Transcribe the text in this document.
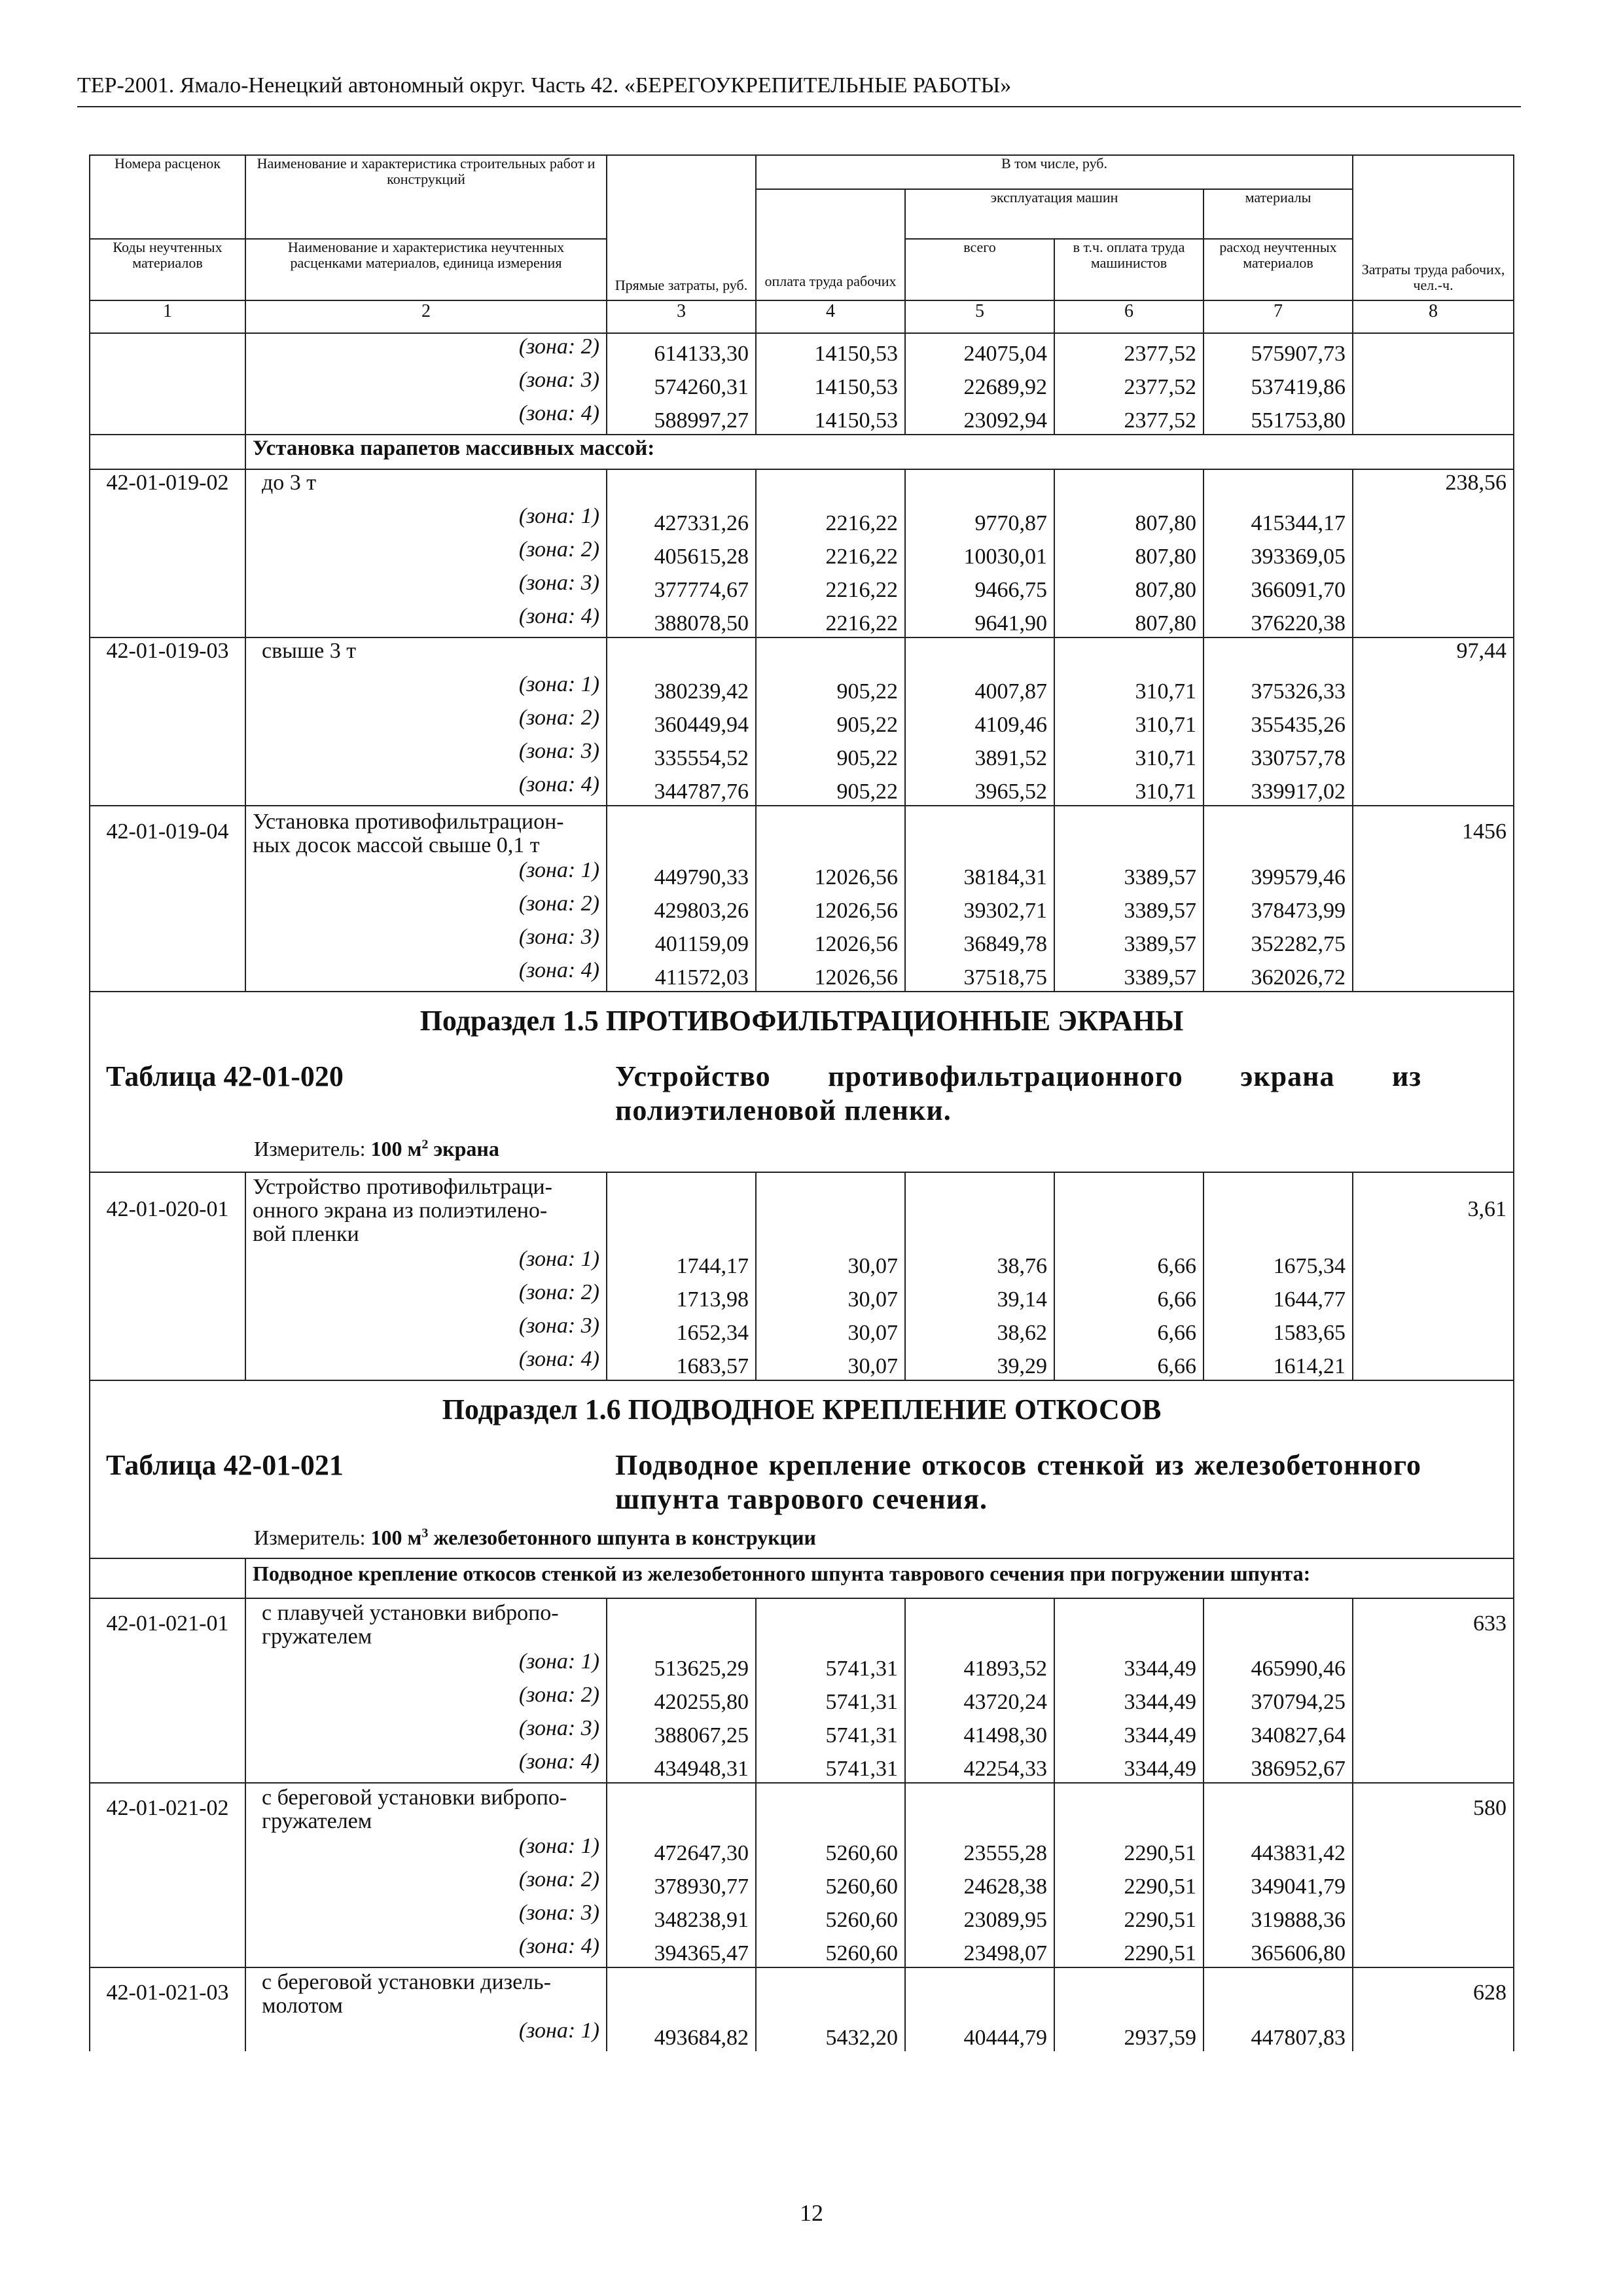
ТЕР-2001. Ямало-Ненецкий автономный округ. Часть 42. «БЕРЕГОУКРЕПИТЕЛЬНЫЕ РАБОТЫ»
Номера расценок	Наименование и характеристика строительных работ и конструкций	Прямые затраты, руб.	В том числе, руб.				Затраты труда рабочих, чел.-ч.
			оплата труда рабочих	эксплуатация машин		материалы	
Коды неучтенных материалов	Наименование и характеристика неучтенных расценками материалов, единица измерения			всего	в т.ч. оплата труда машинистов	расход неучтенных материалов	

1	2	3	4	5	6	7	8
	(зона: 2)	614133,30	14150,53	24075,04	2377,52	575907,73	
	(зона: 3)	574260,31	14150,53	22689,92	2377,52	537419,86	
	(зона: 4)	588997,27	14150,53	23092,94	2377,52	551753,80	
	Установка парапетов массивных массой:						
42-01-019-02	до 3 т						238,56
	(зона: 1)	427331,26	2216,22	9770,87	807,80	415344,17	
	(зона: 2)	405615,28	2216,22	10030,01	807,80	393369,05	
	(зона: 3)	377774,67	2216,22	9466,75	807,80	366091,70	
	(зона: 4)	388078,50	2216,22	9641,90	807,80	376220,38	
42-01-019-03	свыше 3 т						97,44
	(зона: 1)	380239,42	905,22	4007,87	310,71	375326,33	
	(зона: 2)	360449,94	905,22	4109,46	310,71	355435,26	
	(зона: 3)	335554,52	905,22	3891,52	310,71	330757,78	
	(зона: 4)	344787,76	905,22	3965,52	310,71	339917,02	
42-01-019-04	Установка противофильтрацион-
ных досок массой свыше 0,1 т						1456
	(зона: 1)	449790,33	12026,56	38184,31	3389,57	399579,46	
	(зона: 2)	429803,26	12026,56	39302,71	3389,57	378473,99	
	(зона: 3)	401159,09	12026,56	36849,78	3389,57	352282,75	
	(зона: 4)	411572,03	12026,56	37518,75	3389,57	362026,72	

Подраздел 1.5 ПРОТИВОФИЛЬТРАЦИОННЫЕ ЭКРАНЫ
Таблица 42-01-020 Устройство противофильтрационного экрана из полиэтиленовой пленки.
Измеритель: 100 $м^2$ экрана							

42-01-020-01	Устройство противофильтраци-
онного экрана из полиэтилено-
вой пленки						3,61
	(зона: 1)	1744,17	30,07	38,76	6,66	1675,34	
	(зона: 2)	1713,98	30,07	39,14	6,66	1644,77	
	(зона: 3)	1652,34	30,07	38,62	6,66	1583,65	
	(зона: 4)	1683,57	30,07	39,29	6,66	1614,21	

Подраздел 1.6 ПОДВОДНОЕ КРЕПЛЕНИЕ ОТКОСОВ
Таблица 42-01-021 Подводное крепление откосов стенкой из железобетонного шпунта таврового сечения.
Измеритель: 100 $м^3$ железобетонного шпунта в конструкции							

	Подводное крепление откосов стенкой из железобетонного шпунта таврового сечения при погружении шпунта:						
42-01-021-01	с плавучей установки вибропо-
гружателем						633
	(зона: 1)	513625,29	5741,31	41893,52	3344,49	465990,46	
	(зона: 2)	420255,80	5741,31	43720,24	3344,49	370794,25	
	(зона: 3)	388067,25	5741,31	41498,30	3344,49	340827,64	
	(зона: 4)	434948,31	5741,31	42254,33	3344,49	386952,67	
42-01-021-02	с береговой установки вибропо-
гружателем						580
	(зона: 1)	472647,30	5260,60	23555,28	2290,51	443831,42	
	(зона: 2)	378930,77	5260,60	24628,38	2290,51	349041,79	
	(зона: 3)	348238,91	5260,60	23089,95	2290,51	319888,36	
	(зона: 4)	394365,47	5260,60	23498,07	2290,51	365606,80	
42-01-021-03	с береговой установки дизель-
молотом						628
	(зона: 1)	493684,82	5432,20	40444,79	2937,59	447807,83	
12
